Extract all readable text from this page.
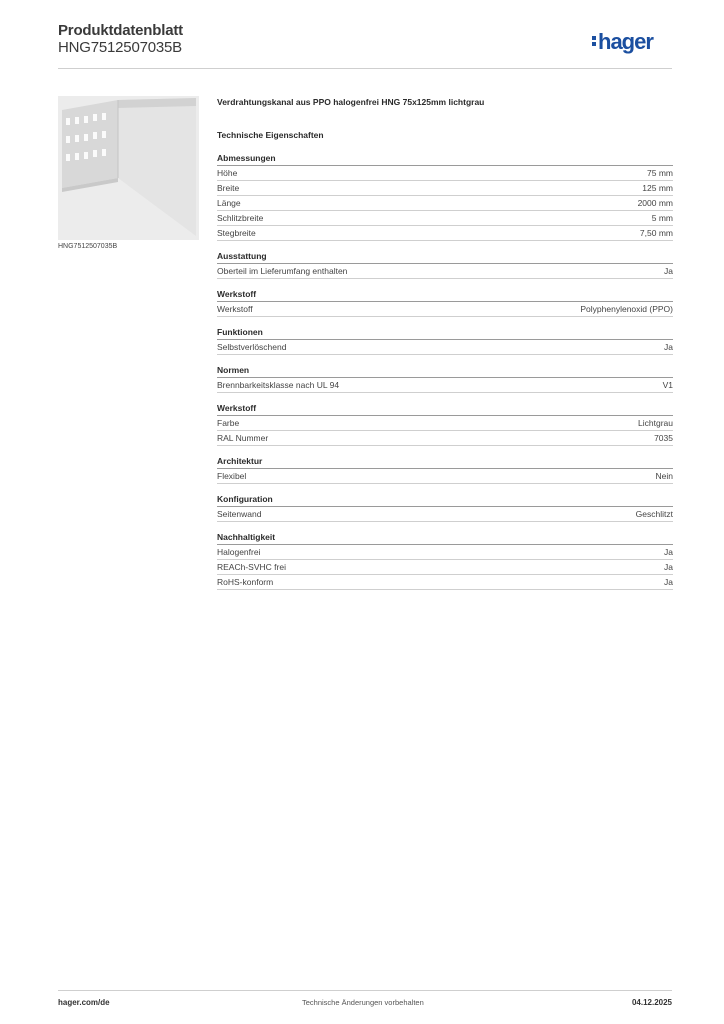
Produktdatenblatt
HNG7512507035B	hager
HNG7512507035B
Verdrahtungskanal aus PPO halogenfrei HNG 75x125mm lichtgrau
Technische Eigenschaften
Abmessungen
Höhe	75 mm
Breite	125 mm
Länge	2000 mm
Schlitzbreite	5 mm
Stegbreite	7,50 mm
Ausstattung
Oberteil im Lieferumfang enthalten	Ja
Werkstoff
Werkstoff	Polyphenylenoxid (PPO)
Funktionen
Selbstverlöschend	Ja
Normen
Brennbarkeitsklasse nach UL 94	V1
Werkstoff
Farbe	Lichtgrau
RAL Nummer	7035
Architektur
Flexibel	Nein
Konfiguration
Seitenwand	Geschlitzt
Nachhaltigkeit
Halogenfrei	Ja
REACh-SVHC frei	Ja
RoHS-konform	Ja
hager.com/de	Technische Änderungen vorbehalten	04.12.2025
